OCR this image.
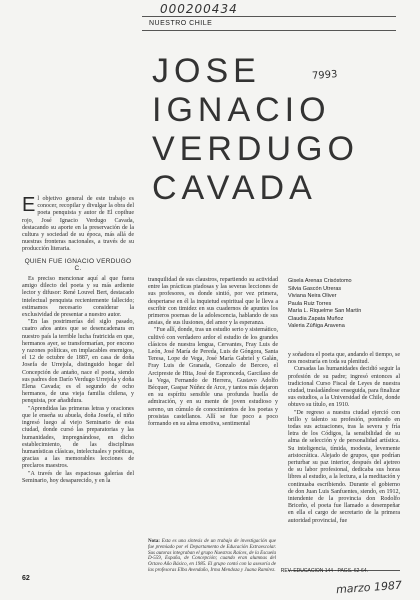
000200434
7993
NUESTRO CHILE
JOSE
IGNACIO
VERDUGO
CAVADA

El objetivo general de este trabajo es conocer, recopilar y divulgar la obra del poeta penquista y autor de El copihue rojo, José Ignacio Verdugo Cavada, destacando su aporte en la preservación de la cultura y sociedad de su época, más allá de nuestras fronteras nacionales, a través de su producción literaria.

QUIEN FUE IGNACIO VERDUGO C.

Es preciso mencionar aquí al que fuera amigo dilecto del poeta y su más ardiente lector y difusor: René Louvel Bert, destacado intelectual penquista recientemente fallecido; estimamos necesario considerar la exclusividad de presentar a nuestro autor.

"En las postrimerías del siglo pasado, cuatro años antes que se desencadenara en nuestro país la terrible lucha fratricida en que, hermanos ayer, se transformarían, por encono y razones políticas, en implacables enemigos, el 12 de octubre de 1887, en casa de doña Josefa de Urrejola, distinguido hogar del Concepción de antaño, nace el poeta, siendo sus padres don Darío Verdugo Urrejola y doña Elena Cavada; es el segundo de ocho hermanos, de una vieja familia chilena, y penquista, por añadidura.

"Aprendidas las primeras letras y oraciones que le enseña su abuela, doña Josefa, el niño ingresó luego al viejo Seminario de esta ciudad, donde cursó las preparatorias y las humanidades, impregnándose, en dicho establecimiento, de las disciplinas humanísticas clásicas, intelectuales y poéticas, gracias a las memorables lecciones de preclaros maestros.

"A través de las espaciosas galerías del Seminario, hoy desaparecido, y en la

tranquilidad de sus claustros, repartiendo su actividad entre las prácticas piadosas y las severas lecciones de sus profesores, es donde sintió, por vez primera, despertarse en él la inquietud espiritual que le lleva a escribir con timidez en sus cuadernos de apuntes los primeros poemas de la adolescencia, hablando de sus ansias, de sus ilusiones, del amor y la esperanza.

"Fue allí, donde, tras un estudio serio y sistemático, cultivó con verdadero ardor el estudio de los grandes clásicos de nuestra lengua, Cervantes, Fray Luis de León, José María de Pereda, Luis de Góngora, Santa Teresa, Lope de Vega, José María Gabriel y Galán, Fray Luis de Granada, Gonzalo de Berceo, el Arcipreste de Hita, José de Espronceda, Garcilaso de la Vega, Fernando de Herrera, Gustavo Adolfo Bécquer, Gaspar Núñez de Arce, y tantos más dejaron en su espíritu sensible una profunda huella de admiración, y en su mente de joven estudioso y sereno, un cúmulo de conocimientos de los poetas y prosistas castellanos. Allí se fue poco a poco formando en su alma emotiva, sentimental

Gisela Arenas Crisóstomo
Silvia Gascón Utreras
Viviana Neira Oliver
Paula Ruiz Torres
María L. Riquelme San Martín
Claudia Zapata Muñoz
Valeria Zúñiga Aravena
Nota: Esta es una síntesis de un trabajo de investigación que fue premiado por el Departamento de Educación Extraescolar. Sus autoras integraban el grupo Nuestras Raíces, de la Escuela D-559, España, de Concepción; cuando eran alumnas del Octavo Año Básico, en 1985. El grupo contó con la asesoría de las profesoras Elba Avendaño, Irma Mendoza y Juana Ramírez.

y soñadora el poeta que, andando el tiempo, se nos mostraría en toda su plenitud.

Cursadas las humanidades decidió seguir la profesión de su padre; ingresó entonces al tradicional Curso Fiscal de Leyes de nuestra ciudad, trasladándose enseguida, para finalizar sus estudios, a la Universidad de Chile, donde obtuvo su título, en 1910.

"De regreso a nuestra ciudad ejerció con brillo y talento su profesión, poniendo en todas sus actuaciones, tras la severa y fría letra de los Códigos, la sensibilidad de su alma de selección y de personalidad artística. Su inteligencia, tímida, modesta, levemente aristocrática. Alejado de grupos, que podrían perturbar su paz interior, después del ajetreo de su labor profesional, dedicaba sus horas libres al estudio, a la lectura, a la meditación y continuaba escribiendo. Durante el gobierno de don Juan Luis Sanfuentes, siendo, en 1912, intendente de la provincia don Rodolfo Briceño, el poeta fue llamado a desempeñar en ella el cargo de secretario de la primera autoridad provincial, fue

62
REV. EDUCACION 144 - PAGS. 62-64.
marzo 1987
